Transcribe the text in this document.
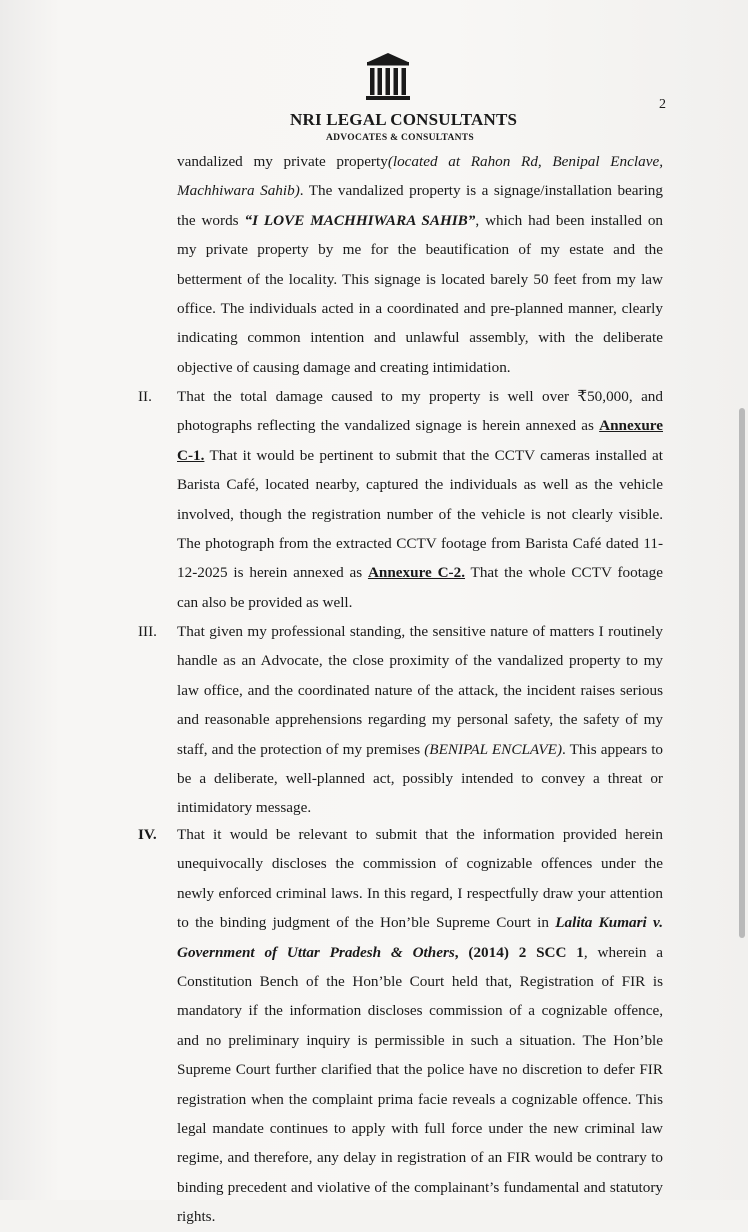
NRI LEGAL CONSULTANTS
ADVOCATES & CONSULTANTS
2

vandalized my private property(located at Rahon Rd, Benipal Enclave, Machhiwara Sahib). The vandalized property is a signage/installation bearing the words “I LOVE MACHHIWARA SAHIB”, which had been installed on my private property by me for the beautification of my estate and the betterment of the locality. This signage is located barely 50 feet from my law office. The individuals acted in a coordinated and pre-planned manner, clearly indicating common intention and unlawful assembly, with the deliberate objective of causing damage and creating intimidation.

II. That the total damage caused to my property is well over ₹50,000, and photographs reflecting the vandalized signage is herein annexed as Annexure C-1. That it would be pertinent to submit that the CCTV cameras installed at Barista Café, located nearby, captured the individuals as well as the vehicle involved, though the registration number of the vehicle is not clearly visible. The photograph from the extracted CCTV footage from Barista Café dated 11-12-2025 is herein annexed as Annexure C-2. That the whole CCTV footage can also be provided as well.

III. That given my professional standing, the sensitive nature of matters I routinely handle as an Advocate, the close proximity of the vandalized property to my law office, and the coordinated nature of the attack, the incident raises serious and reasonable apprehensions regarding my personal safety, the safety of my staff, and the protection of my premises (BENIPAL ENCLAVE). This appears to be a deliberate, well-planned act, possibly intended to convey a threat or intimidatory message.

IV. That it would be relevant to submit that the information provided herein unequivocally discloses the commission of cognizable offences under the newly enforced criminal laws. In this regard, I respectfully draw your attention to the binding judgment of the Hon’ble Supreme Court in Lalita Kumari v. Government of Uttar Pradesh & Others, (2014) 2 SCC 1, wherein a Constitution Bench of the Hon’ble Court held that, Registration of FIR is mandatory if the information discloses commission of a cognizable offence, and no preliminary inquiry is permissible in such a situation. The Hon’ble Supreme Court further clarified that the police have no discretion to defer FIR registration when the complaint prima facie reveals a cognizable offence. This legal mandate continues to apply with full force under the new criminal law regime, and therefore, any delay in registration of an FIR would be contrary to binding precedent and violative of the complainant’s fundamental and statutory rights.
